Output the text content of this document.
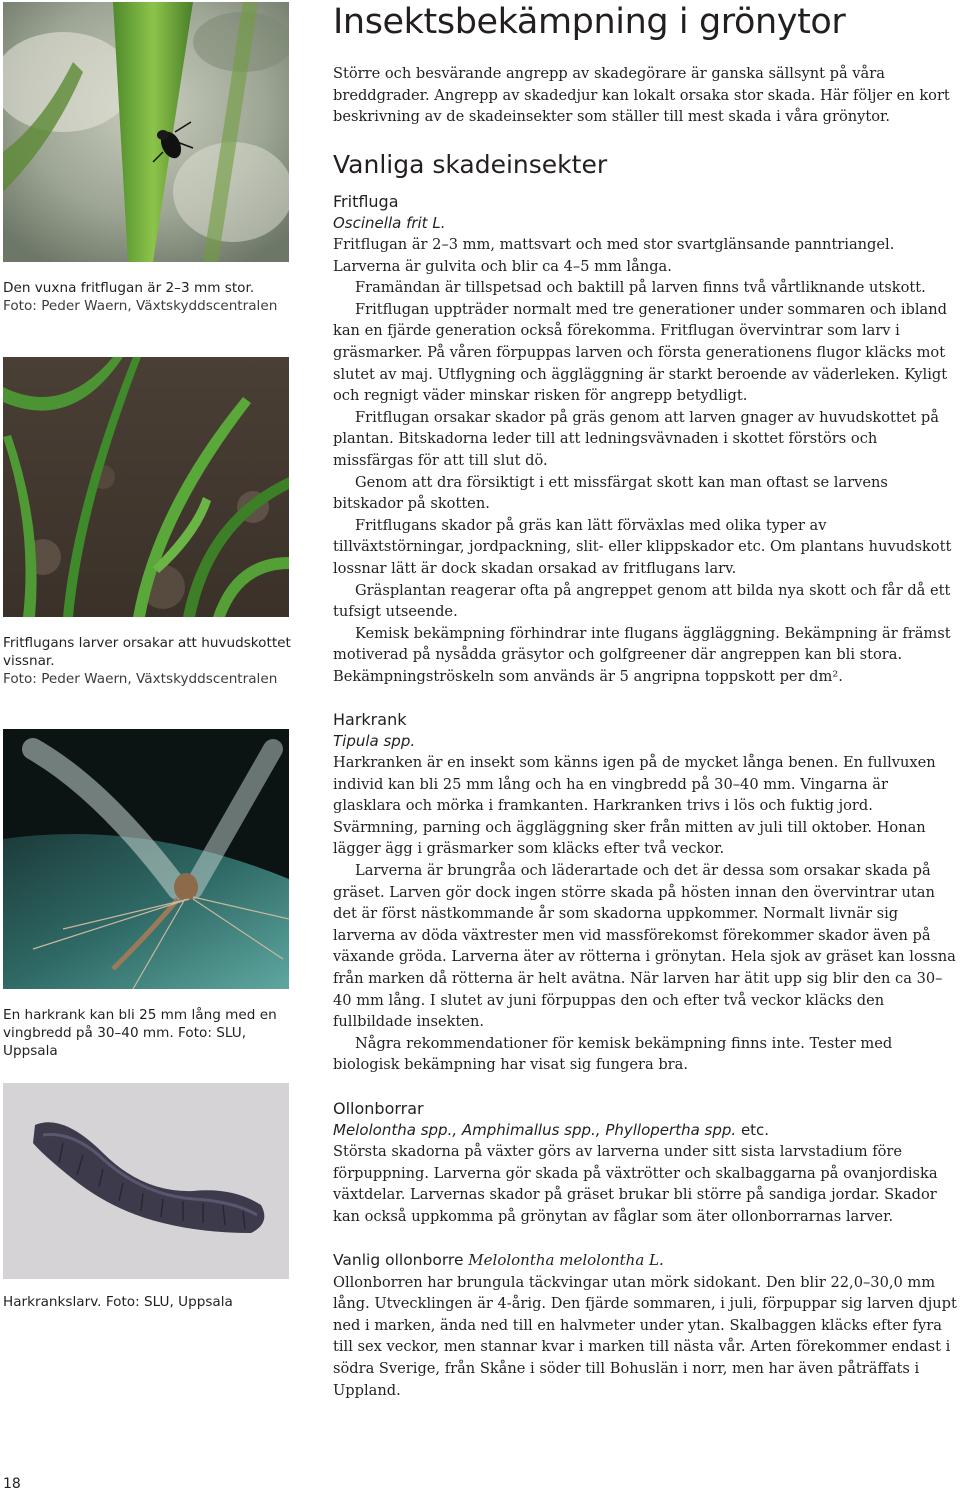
Den vuxna fritflugan är 2–3 mm stor.
Foto: Peder Waern, Växtskyddscentralen
Fritflugans larver orsakar att huvudskottet vissnar.
Foto: Peder Waern, Växtskyddscentralen
En harkrank kan bli 25 mm lång med en vingbredd på 30–40 mm. Foto: SLU, Uppsala
Harkrankslarv. Foto: SLU, Uppsala
Insektsbekämpning i grönytor
Större och besvärande angrepp av skadegörare är ganska sällsynt på våra breddgrader. Angrepp av skadedjur kan lokalt orsaka stor skada. Här följer en kort beskrivning av de skadeinsekter som ställer till mest skada i våra grönytor.
Vanliga skadeinsekter
Fritfluga
Oscinella frit L.

Fritflugan är 2–3 mm, mattsvart och med stor svartglänsande panntriangel. Larverna är gulvita och blir ca 4–5 mm långa.

Framändan är tillspetsad och baktill på larven finns två vårtliknande utskott.

Fritflugan uppträder normalt med tre generationer under sommaren och ibland kan en fjärde generation också förekomma. Fritflugan övervintrar som larv i gräsmarker. På våren förpuppas larven och första generationens flugor kläcks mot slutet av maj. Utflygning och äggläggning är starkt beroende av väderleken. Kyligt och regnigt väder minskar risken för angrepp betydligt.

Fritflugan orsakar skador på gräs genom att larven gnager av huvudskottet på plantan. Bitskadorna leder till att ledningsvävnaden i skottet förstörs och missfärgas för att till slut dö.

Genom att dra försiktigt i ett missfärgat skott kan man oftast se larvens bitskador på skotten.

Fritflugans skador på gräs kan lätt förväxlas med olika typer av tillväxtstörningar, jordpackning, slit- eller klippskador etc. Om plantans huvudskott lossnar lätt är dock skadan orsakad av fritflugans larv.

Gräsplantan reagerar ofta på angreppet genom att bilda nya skott och får då ett tufsigt utseende.

Kemisk bekämpning förhindrar inte flugans äggläggning. Bekämpning är främst motiverad på nysådda gräsytor och golfgreener där angreppen kan bli stora. Bekämpningströskeln som används är 5 angripna toppskott per dm².

Harkrank
Tipula spp.

Harkranken är en insekt som känns igen på de mycket långa benen. En fullvuxen individ kan bli 25 mm lång och ha en vingbredd på 30–40 mm. Vingarna är glasklara och mörka i framkanten. Harkranken trivs i lös och fuktig jord. Svärmning, parning och äggläggning sker från mitten av juli till oktober. Honan lägger ägg i gräsmarker som kläcks efter två veckor.

Larverna är brungråa och läderartade och det är dessa som orsakar skada på gräset. Larven gör dock ingen större skada på hösten innan den övervintrar utan det är först nästkommande år som skadorna uppkommer. Normalt livnär sig larverna av döda växtrester men vid massförekomst förekommer skador även på växande gröda. Larverna äter av rötterna i grönytan. Hela sjok av gräset kan lossna från marken då rötterna är helt avätna. När larven har ätit upp sig blir den ca 30–40 mm lång. I slutet av juni förpuppas den och efter två veckor kläcks den fullbildade insekten.

Några rekommendationer för kemisk bekämpning finns inte. Tester med biologisk bekämpning har visat sig fungera bra.

Ollonborrar
Melolontha spp., Amphimallus spp., Phyllopertha spp. etc.

Största skadorna på växter görs av larverna under sitt sista larvstadium före förpuppning. Larverna gör skada på växtrötter och skalbaggarna på ovanjordiska växtdelar. Larvernas skador på gräset brukar bli större på sandiga jordar. Skador kan också uppkomma på grönytan av fåglar som äter ollonborrarnas larver.

Vanlig ollonborre Melolontha melolontha L.

Ollonborren har brungula täckvingar utan mörk sidokant. Den blir 22,0–30,0 mm lång. Utvecklingen är 4-årig. Den fjärde sommaren, i juli, förpuppar sig larven djupt ned i marken, ända ned till en halvmeter under ytan. Skalbaggen kläcks efter fyra till sex veckor, men stannar kvar i marken till nästa vår. Arten förekommer endast i södra Sverige, från Skåne i söder till Bohuslän i norr, men har även påträffats i Uppland.

18
